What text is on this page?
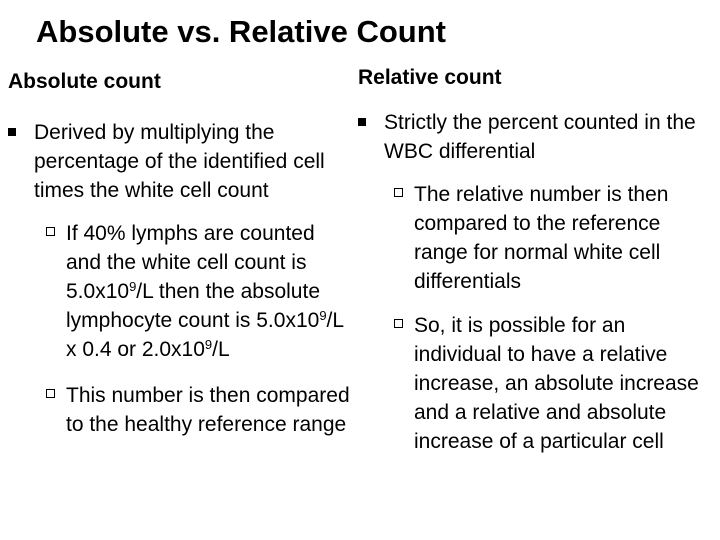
Absolute vs. Relative Count
Absolute count
Derived by multiplying the percentage of the identified cell times the white cell count
If 40% lymphs are counted and the white cell count is $5.0x10^9/L$ then the absolute lymphocyte count is $5.0x10^9/L$ x 0.4 or $2.0x10^9/L$
This number is then compared to the healthy reference range
Relative count
Strictly the percent counted in the WBC differential
The relative number is then compared to the reference range for normal white cell differentials
So, it is possible for an individual to have a relative increase, an absolute increase and a relative and absolute increase of a particular cell
